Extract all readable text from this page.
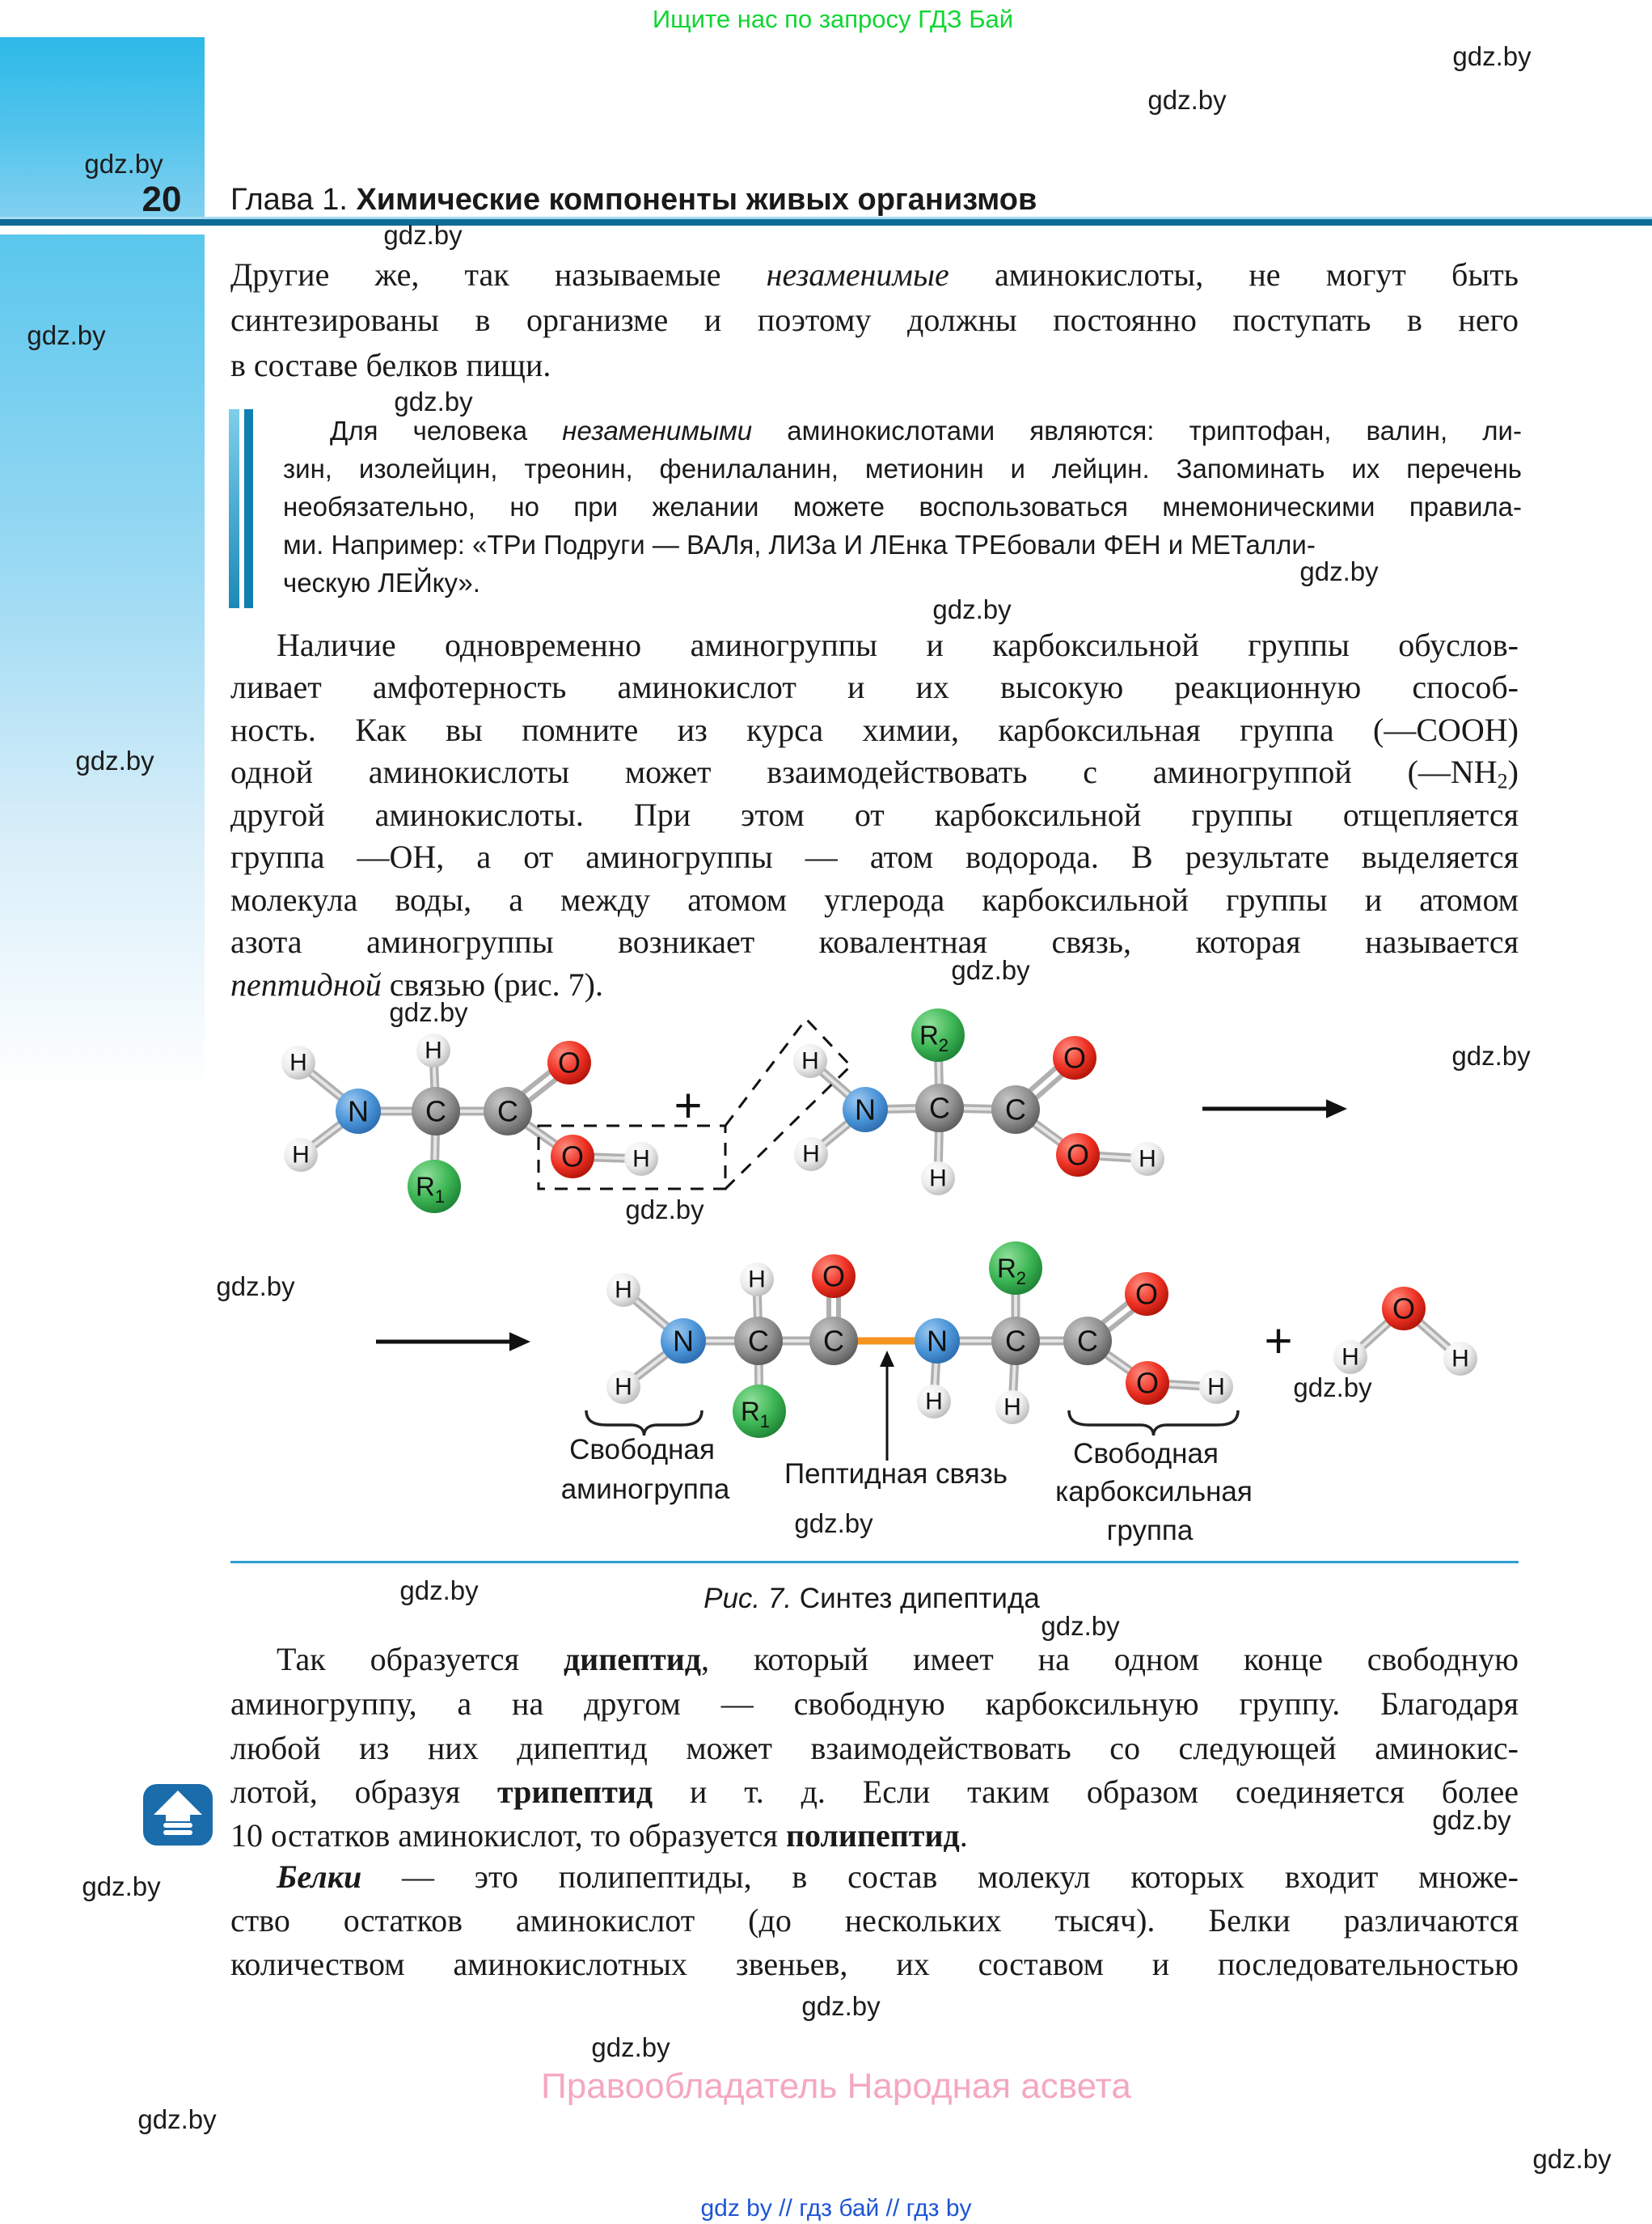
20	Глава 1. Химические компоненты живых организмов
Другие же, так называемые незаменимые аминокислоты, не могут быть
синтезированы в организме и поэтому должны постоянно поступать в него
в составе белков пищи.
Для человека незаменимыми аминокислотами являются: триптофан, валин, ли-
зин, изолейцин, треонин, фенилаланин, метионин и лейцин. Запоминать их перечень
необязательно, но при желании можете воспользоваться мнемоническими правила-
ми. Например: «ТРи Подруги — ВАЛя, ЛИЗа И ЛЕнка ТРЕбовали ФЕН и МЕТалли-
ческую ЛЕЙку».
Наличие одновременно аминогруппы и карбоксильной группы обуслов-
ливает амфотерность аминокислот и их высокую реакционную способ-
ность. Как вы помните из курса химии, карбоксильная группа (—СООН)
одной аминокислоты может взаимодействовать с аминогруппой $(—NH_2)$
другой аминокислоты. При этом от карбоксильной группы отщепляется
группа —ОН, а от аминогруппы — атом водорода. В результате выделяется
молекула воды, а между атомом углерода карбоксильной группы и атомом
азота аминогруппы возникает ковалентная связь, которая называется
пептидной связью (рис. 7).
Свободная
аминогруппа Пептидная связь
Свободная
карбоксильная
группа
Рис. 7. Синтез дипептида
Так образуется дипептид, который имеет на одном конце свободную
аминогруппу, а на другом — свободную карбоксильную группу. Благодаря
любой из них дипептид может взаимодействовать со следующей аминокис-
лотой, образуя трипептид и т. д. Если таким образом соединяется более
10 остатков аминокислот, то образуется полипептид.
Белки — это полипептиды, в состав молекул которых входит множе-
ство остатков аминокислот (до нескольких тысяч). Белки различаются
количеством аминокислотных звеньев, их составом и последовательностью
H
H
N
H
C C
O
O H
$R_1$
H
H
N
$R_2$
C
H
C
O
O H
H
H
N
H
C
$R_1$
C
O
N
H
C
$R_2$
H
C
O
O H
O
H	H
+
+
gdz.by
gdz.by
gdz.by
gdz.by
gdz.by
gdz.by
gdz.by
gdz.by
gdz.by
gdz.by
gdz.by
gdz.by
gdz.by
gdz.by
gdz.by
gdz.by
gdz.by
gdz.by
gdz.by
gdz.by
gdz.by
gdz.by
gdz.by
gdz.by
Ищите нас по запросу ГДЗ Бай
Правообладатель Народная асвета
gdz by // гдз бай // гдз by
